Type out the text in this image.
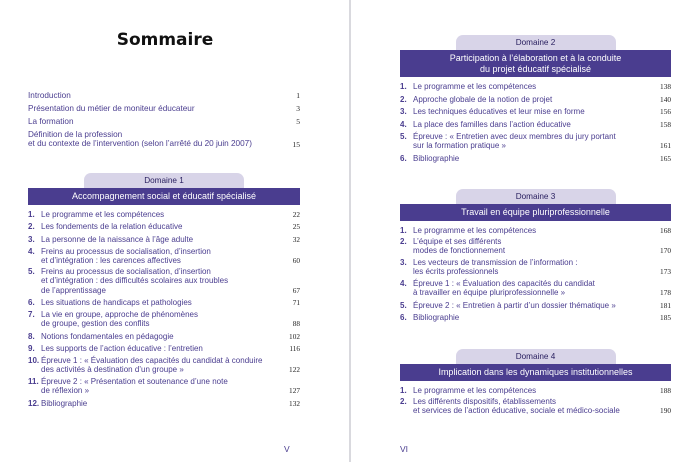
Sommaire
Introduction	1
Présentation du métier de moniteur éducateur	3
La formation	5
Définition de la profession
et du contexte de l’intervention (selon l’arrêté du 20 juin 2007)	15
Domaine 1
Accompagnement social et éducatif spécialisé
1. Le programme et les compétences	22
2. Les fondements de la relation éducative	25
3. La personne de la naissance à l’âge adulte	32
4. Freins au processus de socialisation, d’insertion
et d’intégration : les carences affectives	60
5. Freins au processus de socialisation, d’insertion
et d’intégration : des difficultés scolaires aux troubles
de l’apprentissage	67
6. Les situations de handicaps et pathologies	71
7. La vie en groupe, approche de phénomènes
de groupe, gestion des conflits	88
8. Notions fondamentales en pédagogie	102
9. Les supports de l’action éducative : l’entretien	116
10. Épreuve 1 : « Évaluation des capacités du candidat à conduire
des activités à destination d’un groupe »	122
11. Épreuve 2 : « Présentation et soutenance d’une note
de réflexion »	127
12. Bibliographie	132
V
Domaine 2
Participation à l’élaboration et à la conduite
du projet éducatif spécialisé
1. Le programme et les compétences	138
2. Approche globale de la notion de projet	140
3. Les techniques éducatives et leur mise en forme	156
4. La place des familles dans l’action éducative	158
5. Épreuve : « Entretien avec deux membres du jury portant
sur la formation pratique »	161
6. Bibliographie	165
Domaine 3
Travail en équipe pluriprofessionnelle
1. Le programme et les compétences	168
2. L’équipe et ses différents
modes de fonctionnement	170
3. Les vecteurs de transmission de l’information :
les écrits professionnels	173
4. Épreuve 1 : « Évaluation des capacités du candidat
à travailler en équipe pluriprofessionnelle »	178
5. Épreuve 2 : « Entretien à partir d’un dossier thématique »	181
6. Bibliographie	185
Domaine 4
Implication dans les dynamiques institutionnelles
1. Le programme et les compétences	188
2. Les différents dispositifs, établissements
et services de l’action éducative, sociale et médico-sociale	190
VI
